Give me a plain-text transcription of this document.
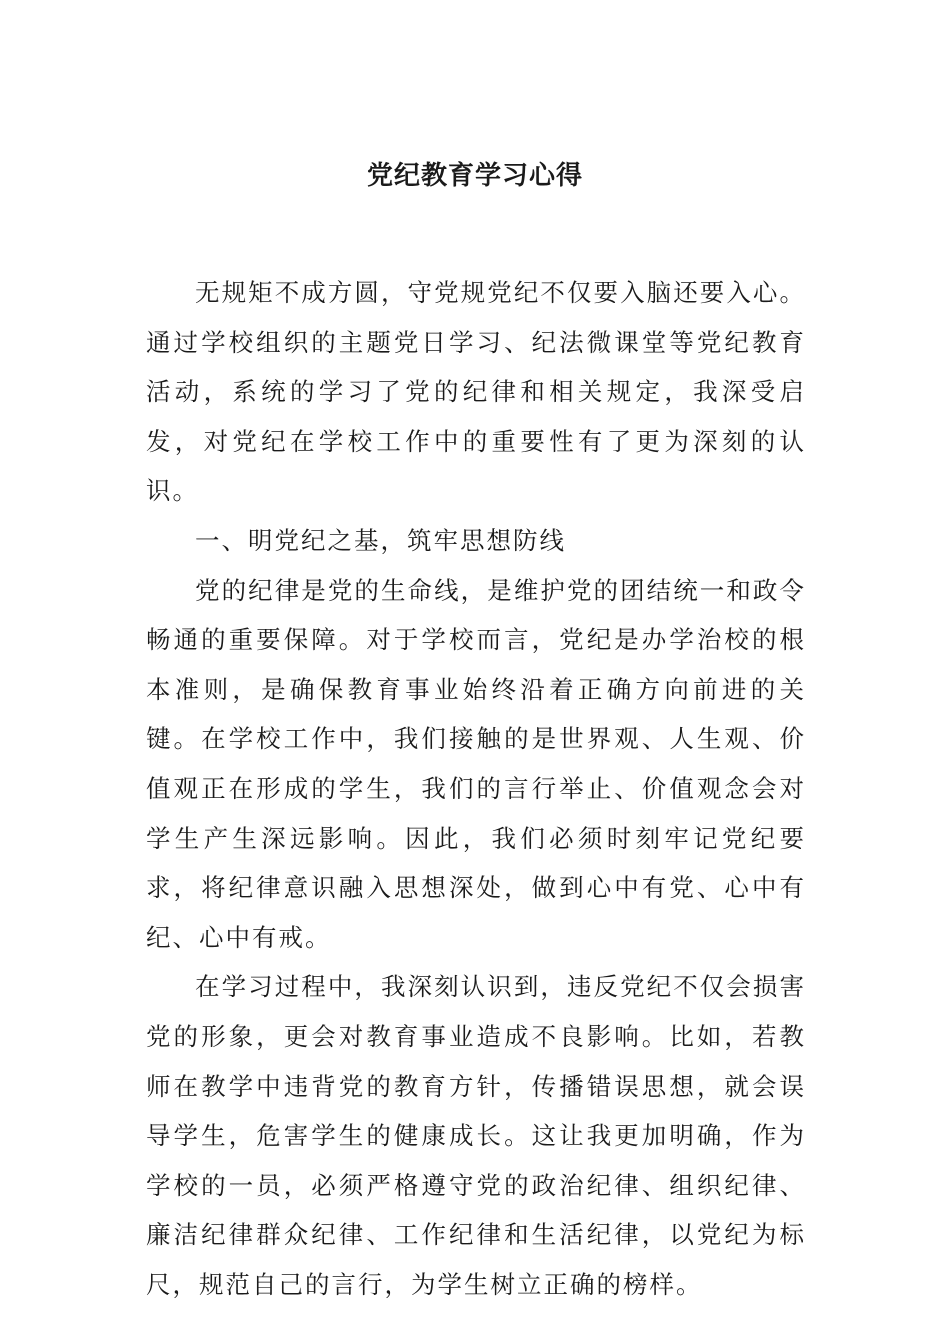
党纪教育学习心得

无规矩不成方圆，守党规党纪不仅要入脑还要入心。通过学校组织的主题党日学习、纪法微课堂等党纪教育活动，系统的学习了党的纪律和相关规定，我深受启发，对党纪在学校工作中的重要性有了更为深刻的认识。

一、明党纪之基，筑牢思想防线

党的纪律是党的生命线，是维护党的团结统一和政令畅通的重要保障。对于学校而言，党纪是办学治校的根本准则，是确保教育事业始终沿着正确方向前进的关键。在学校工作中，我们接触的是世界观、人生观、价值观正在形成的学生，我们的言行举止、价值观念会对学生产生深远影响。因此，我们必须时刻牢记党纪要求，将纪律意识融入思想深处，做到心中有党、心中有纪、心中有戒。

在学习过程中，我深刻认识到，违反党纪不仅会损害党的形象，更会对教育事业造成不良影响。比如，若教师在教学中违背党的教育方针，传播错误思想，就会误导学生，危害学生的健康成长。这让我更加明确，作为学校的一员，必须严格遵守党的政治纪律、组织纪律、廉洁纪律群众纪律、工作纪律和生活纪律，以党纪为标尺，规范自己的言行，为学生树立正确的榜样。
